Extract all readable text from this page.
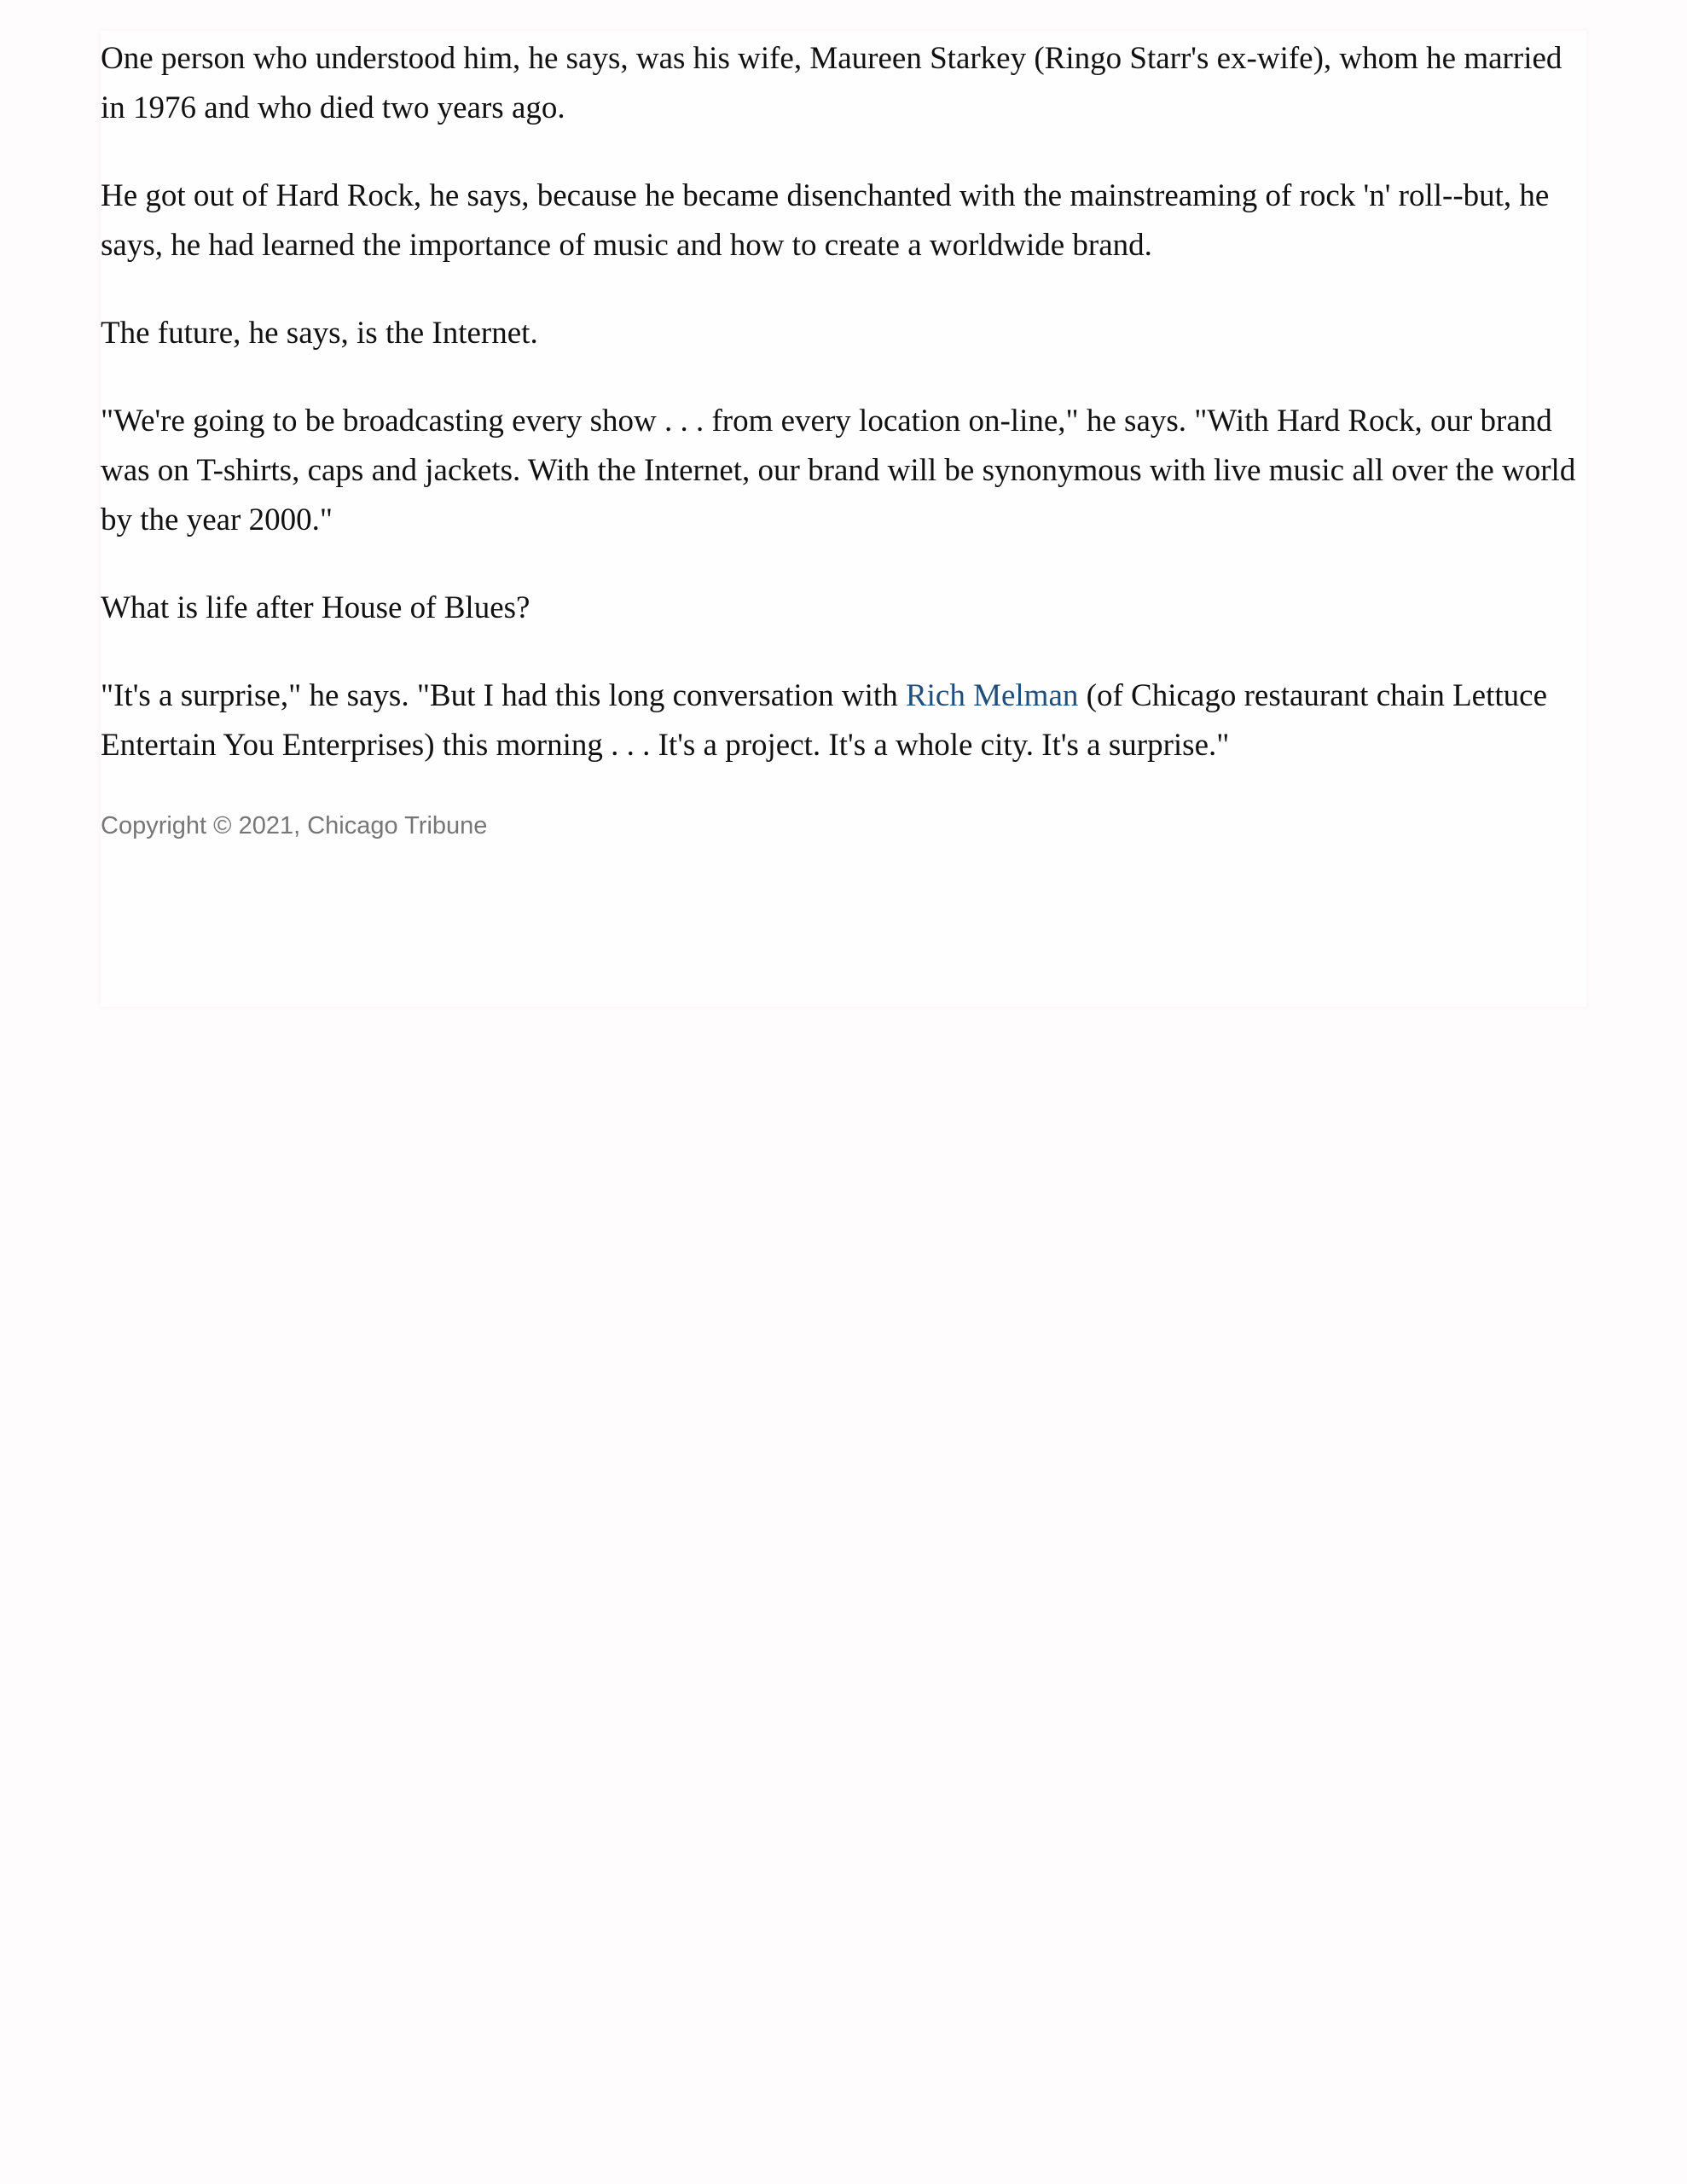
One person who understood him, he says, was his wife, Maureen Starkey (Ringo Starr's ex-wife), whom he married in 1976 and who died two years ago.

He got out of Hard Rock, he says, because he became disenchanted with the mainstreaming of rock 'n' roll--but, he says, he had learned the importance of music and how to create a worldwide brand.

The future, he says, is the Internet.

"We're going to be broadcasting every show . . . from every location on-line," he says. "With Hard Rock, our brand was on T-shirts, caps and jackets. With the Internet, our brand will be synonymous with live music all over the world by the year 2000."

What is life after House of Blues?

"It's a surprise," he says. "But I had this long conversation with Rich Melman (of Chicago restaurant chain Lettuce Entertain You Enterprises) this morning . . . It's a project. It's a whole city. It's a surprise."

Copyright © 2021, Chicago Tribune
